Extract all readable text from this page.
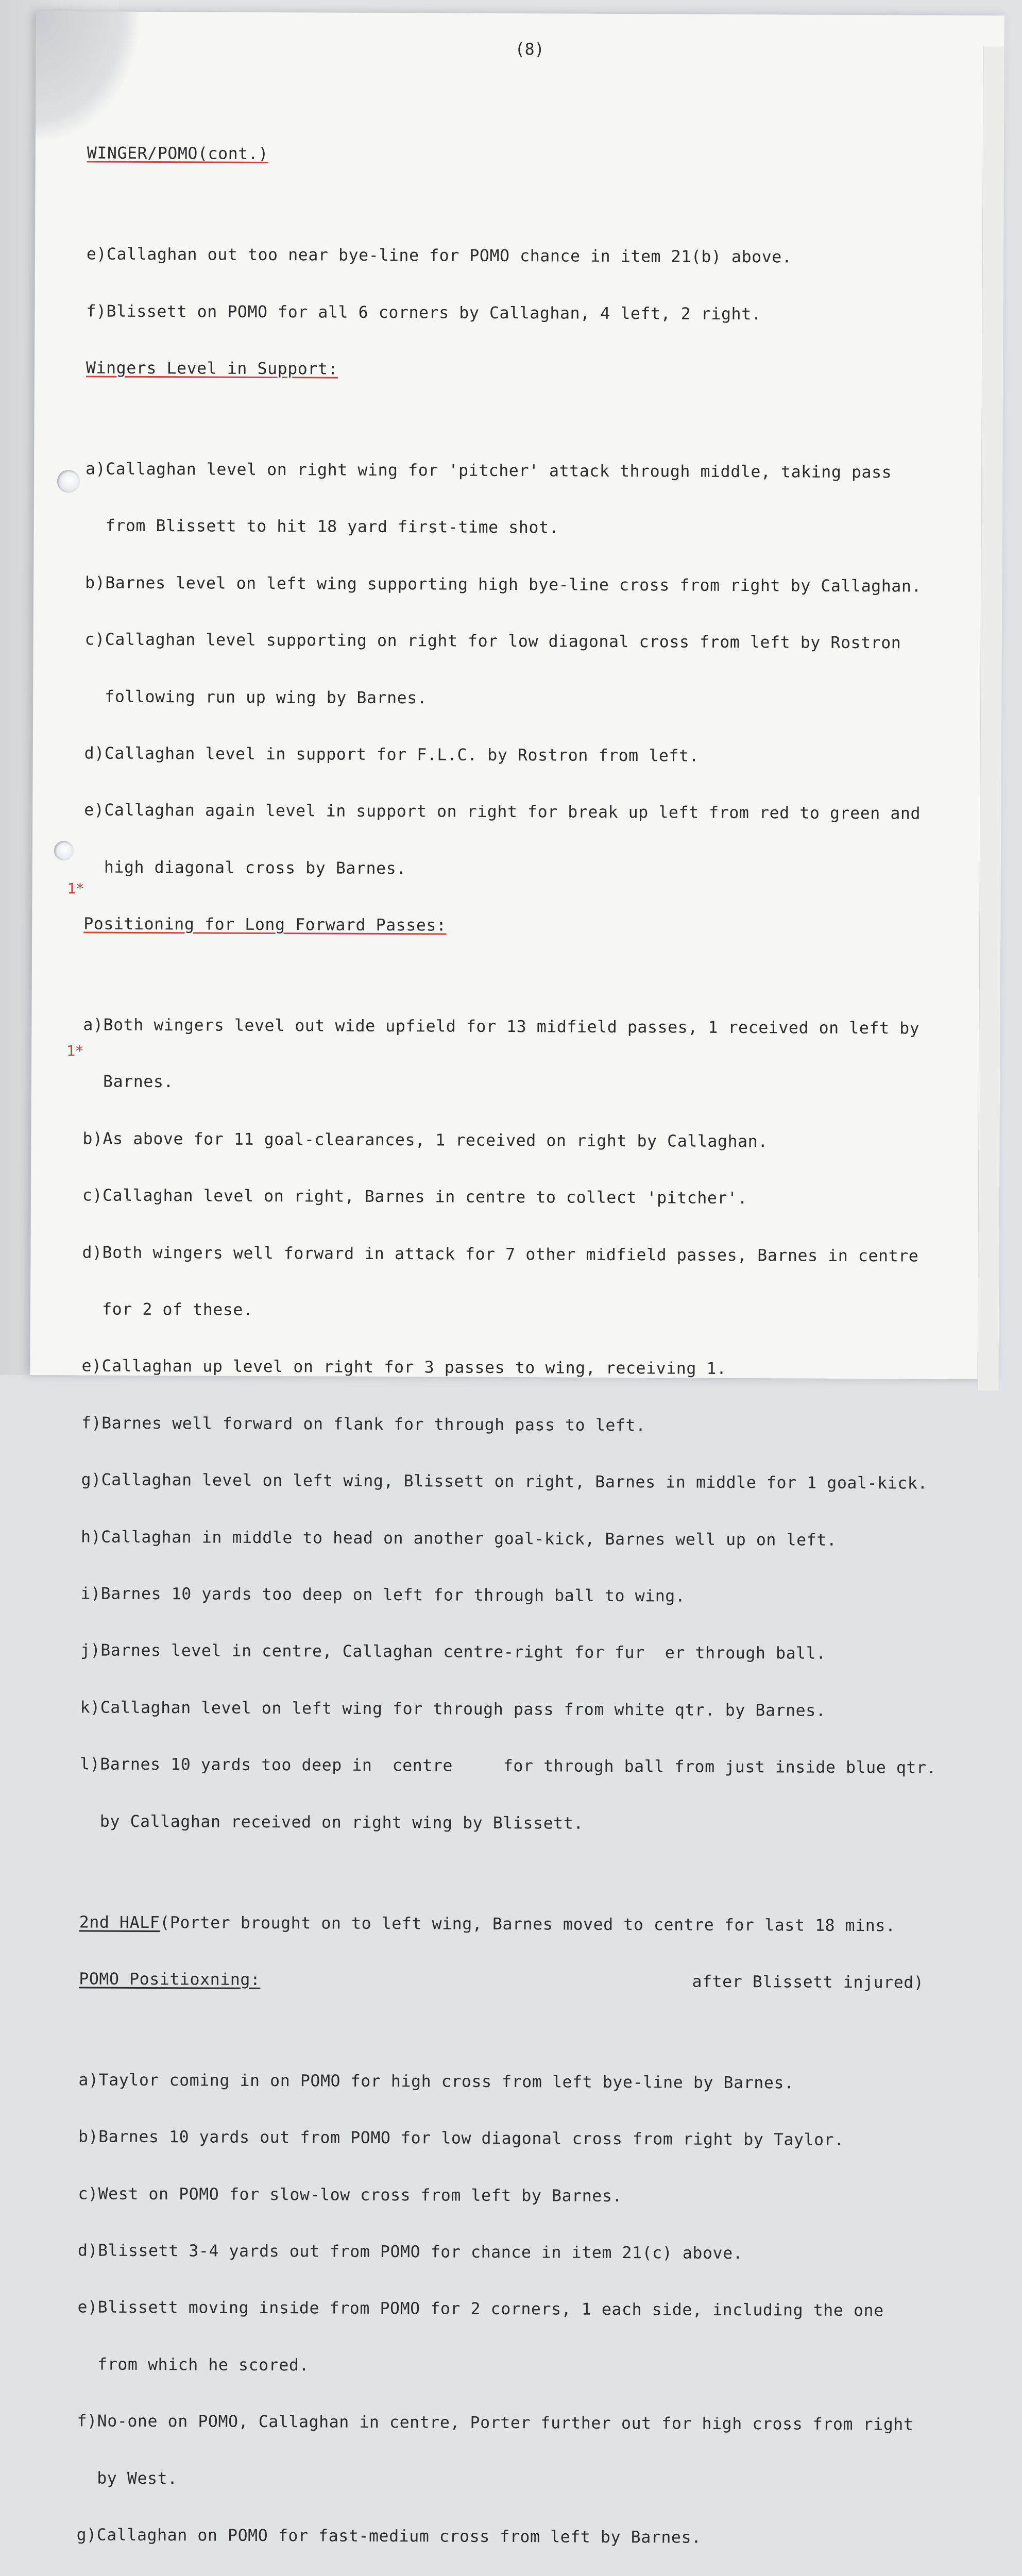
(8)

WINGER/POMO(cont.)

e)Callaghan out too near bye-line for POMO chance in item 21(b) above.

f)Blissett on POMO for all 6 corners by Callaghan, 4 left, 2 right.

Wingers Level in Support:

a)Callaghan level on right wing for 'pitcher' attack through middle, taking pass

from Blissett to hit 18 yard first-time shot.

b)Barnes level on left wing supporting high bye-line cross from right by Callaghan.

c)Callaghan level supporting on right for low diagonal cross from left by Rostron

following run up wing by Barnes.

d)Callaghan level in support for F.L.C. by Rostron from left.

e)Callaghan again level in support on right for break up left from red to green and

high diagonal cross by Barnes.

Positioning for Long Forward Passes:

a)Both wingers level out wide upfield for 13 midfield passes, 1 received on left by

Barnes.

b)As above for 11 goal-clearances, 1 received on right by Callaghan.

c)Callaghan level on right, Barnes in centre to collect 'pitcher'.

d)Both wingers well forward in attack for 7 other midfield passes, Barnes in centre

for 2 of these.

e)Callaghan up level on right for 3 passes to wing, receiving 1.

f)Barnes well forward on flank for through pass to left.

g)Callaghan level on left wing, Blissett on right, Barnes in middle for 1 goal-kick.

h)Callaghan in middle to head on another goal-kick, Barnes well up on left.

i)Barnes 10 yards too deep on left for through ball to wing.

j)Barnes level in centre, Callaghan centre-right for fur  er through ball.

k)Callaghan level on left wing for through pass from white qtr. by Barnes.

l)Barnes 10 yards too deep in  centre     for through ball from just inside blue qtr.

by Callaghan received on right wing by Blissett.

2nd HALF(Porter brought on to left wing, Barnes moved to centre for last 18 mins.

POMO Positioxning:	after Blissett injured)

a)Taylor coming in on POMO for high cross from left bye-line by Barnes.

b)Barnes 10 yards out from POMO for low diagonal cross from right by Taylor.

c)West on POMO for slow-low cross from left by Barnes.

d)Blissett 3-4 yards out from POMO for chance in item 21(c) above.

e)Blissett moving inside from POMO for 2 corners, 1 each side, including the one

from which he scored.

f)No-one on POMO, Callaghan in centre, Porter further out for high cross from right

by West.

g)Callaghan on POMO for fast-medium cross from left by Barnes.

1*
1*
